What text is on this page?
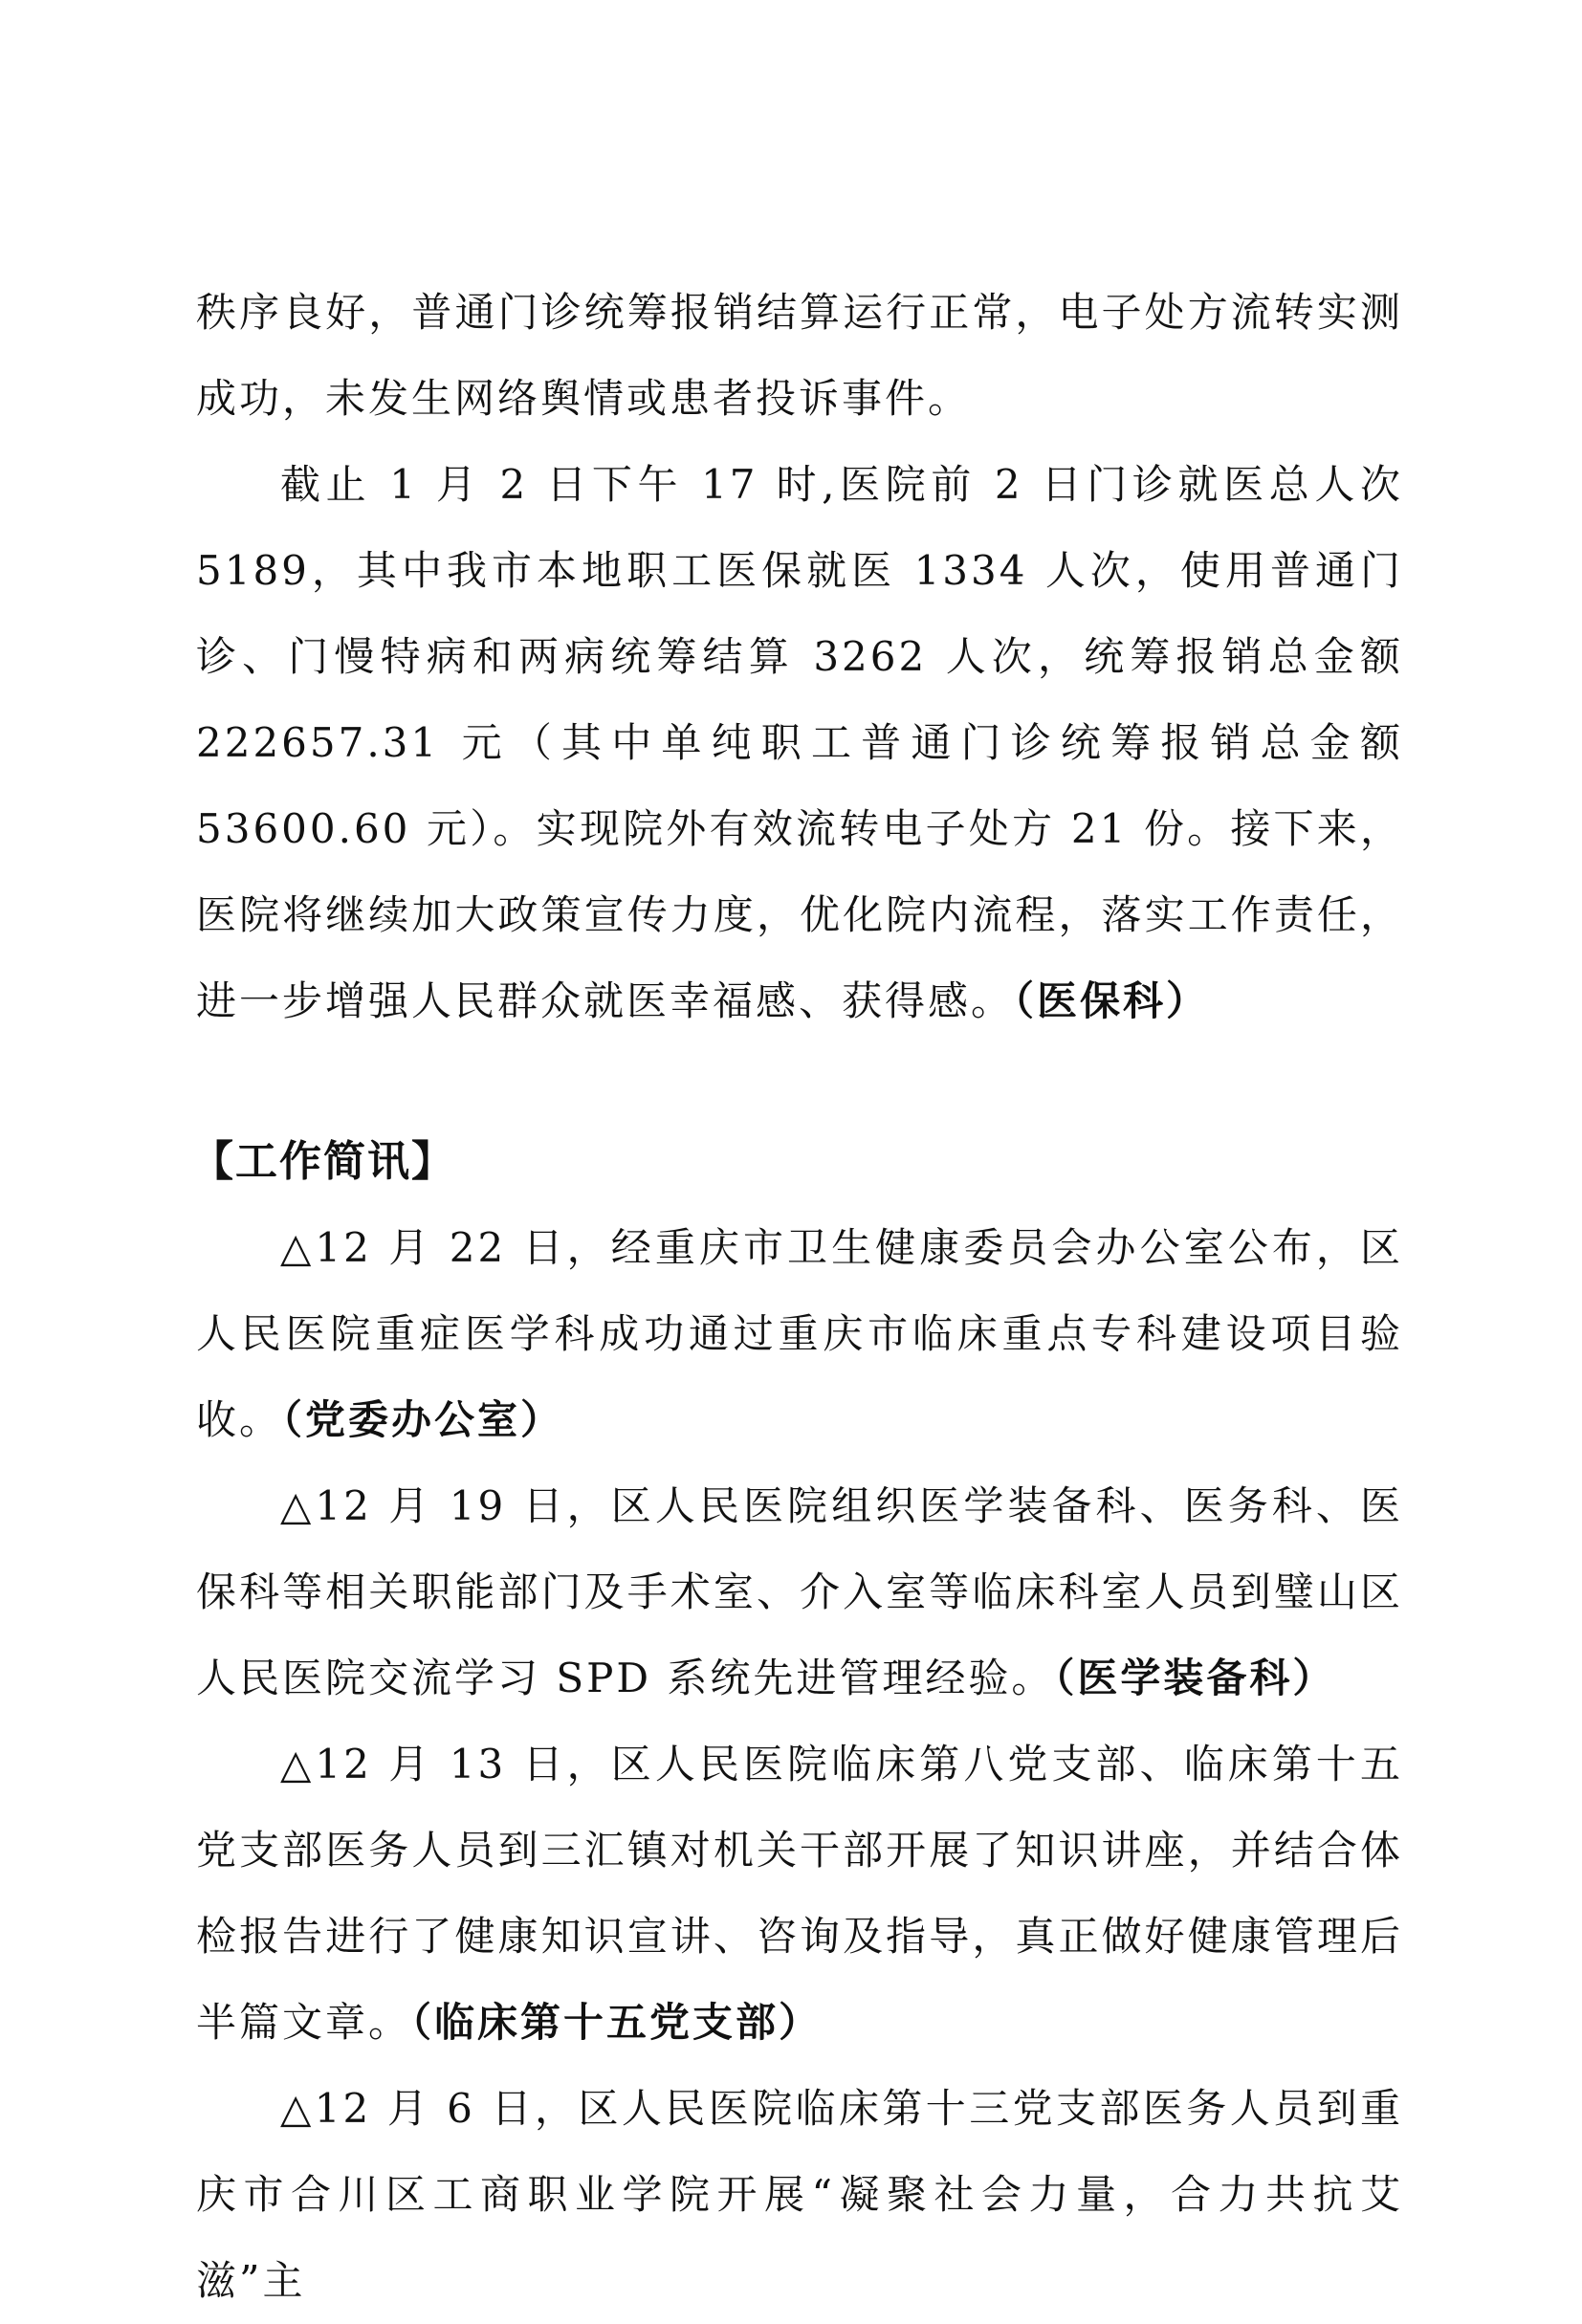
秩序良好，普通门诊统筹报销结算运行正常，电子处方流转实测成功，未发生网络舆情或患者投诉事件。

截止 1 月 2 日下午 17 时,医院前 2 日门诊就医总人次 5189，其中我市本地职工医保就医 1334 人次，使用普通门诊、门慢特病和两病统筹结算 3262 人次，统筹报销总金额 222657.31 元（其中单纯职工普通门诊统筹报销总金额 53600.60 元）。实现院外有效流转电子处方 21 份。接下来，医院将继续加大政策宣传力度，优化院内流程，落实工作责任，进一步增强人民群众就医幸福感、获得感。（医保科）

【工作简讯】

△12 月 22 日，经重庆市卫生健康委员会办公室公布，区人民医院重症医学科成功通过重庆市临床重点专科建设项目验收。（党委办公室）

△12 月 19 日，区人民医院组织医学装备科、医务科、医保科等相关职能部门及手术室、介入室等临床科室人员到璧山区人民医院交流学习 SPD 系统先进管理经验。（医学装备科）

△12 月 13 日，区人民医院临床第八党支部、临床第十五党支部医务人员到三汇镇对机关干部开展了知识讲座，并结合体检报告进行了健康知识宣讲、咨询及指导，真正做好健康管理后半篇文章。（临床第十五党支部）

△12 月 6 日，区人民医院临床第十三党支部医务人员到重庆市合川区工商职业学院开展“凝聚社会力量，合力共抗艾滋”主
